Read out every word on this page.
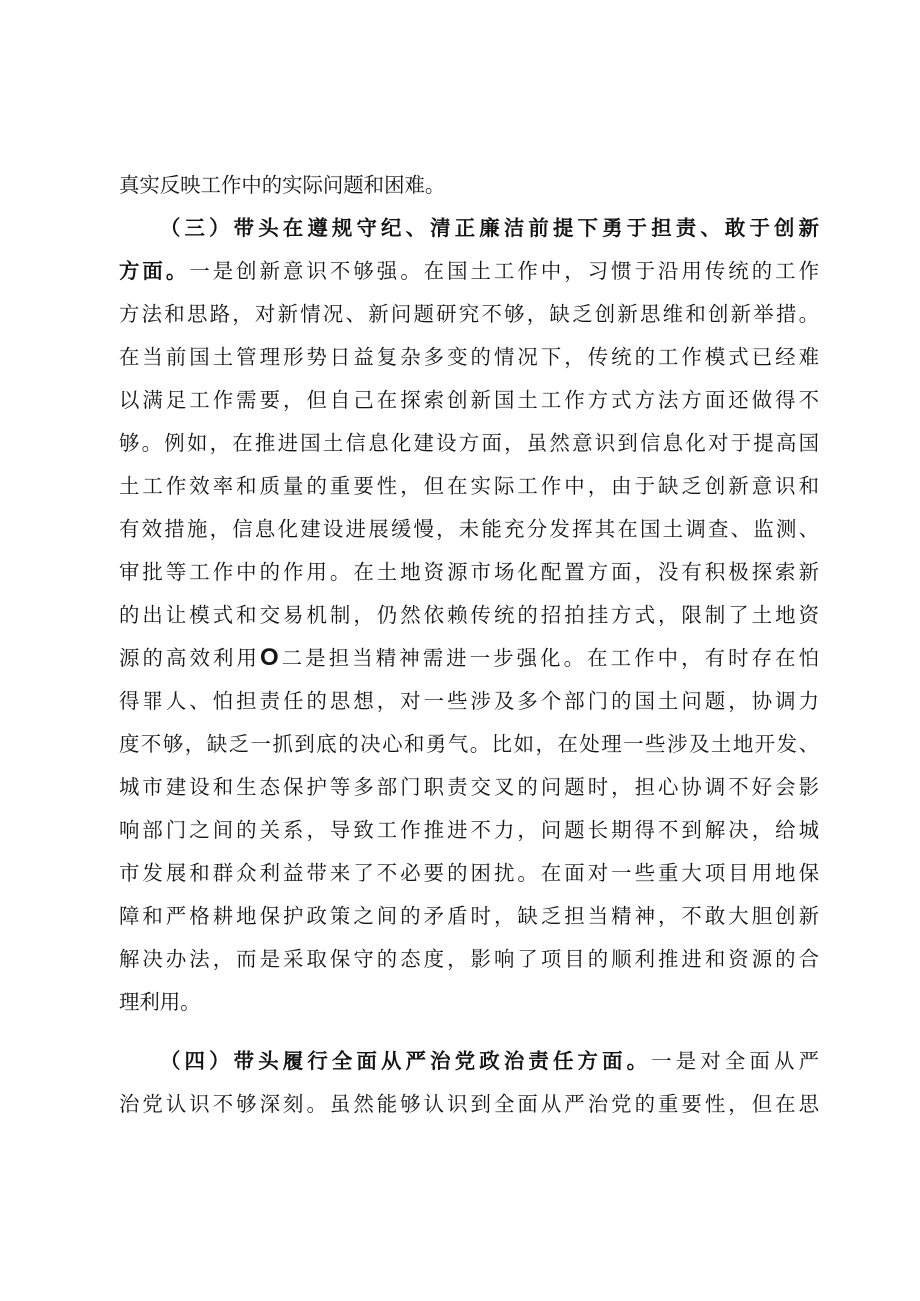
真实反映工作中的实际问题和困难。
（三）带头在遵规守纪、清正廉洁前提下勇于担责、敢于创新
方面。一是创新意识不够强。在国土工作中，习惯于沿用传统的工作
方法和思路，对新情况、新问题研究不够，缺乏创新思维和创新举措。
在当前国土管理形势日益复杂多变的情况下，传统的工作模式已经难
以满足工作需要，但自己在探索创新国土工作方式方法方面还做得不
够。例如，在推进国土信息化建设方面，虽然意识到信息化对于提高国
土工作效率和质量的重要性，但在实际工作中，由于缺乏创新意识和
有效措施，信息化建设进展缓慢，未能充分发挥其在国土调查、监测、
审批等工作中的作用。在土地资源市场化配置方面，没有积极探索新
的出让模式和交易机制，仍然依赖传统的招拍挂方式，限制了土地资
源的高效利用O二是担当精神需进一步强化。在工作中，有时存在怕
得罪人、怕担责任的思想，对一些涉及多个部门的国土问题，协调力
度不够，缺乏一抓到底的决心和勇气。比如，在处理一些涉及土地开发、
城市建设和生态保护等多部门职责交叉的问题时，担心协调不好会影
响部门之间的关系，导致工作推进不力，问题长期得不到解决，给城
市发展和群众利益带来了不必要的困扰。在面对一些重大项目用地保
障和严格耕地保护政策之间的矛盾时，缺乏担当精神，不敢大胆创新
解决办法，而是采取保守的态度，影响了项目的顺利推进和资源的合
理利用。
（四）带头履行全面从严治党政治责任方面。一是对全面从严
治党认识不够深刻。虽然能够认识到全面从严治党的重要性，但在思
